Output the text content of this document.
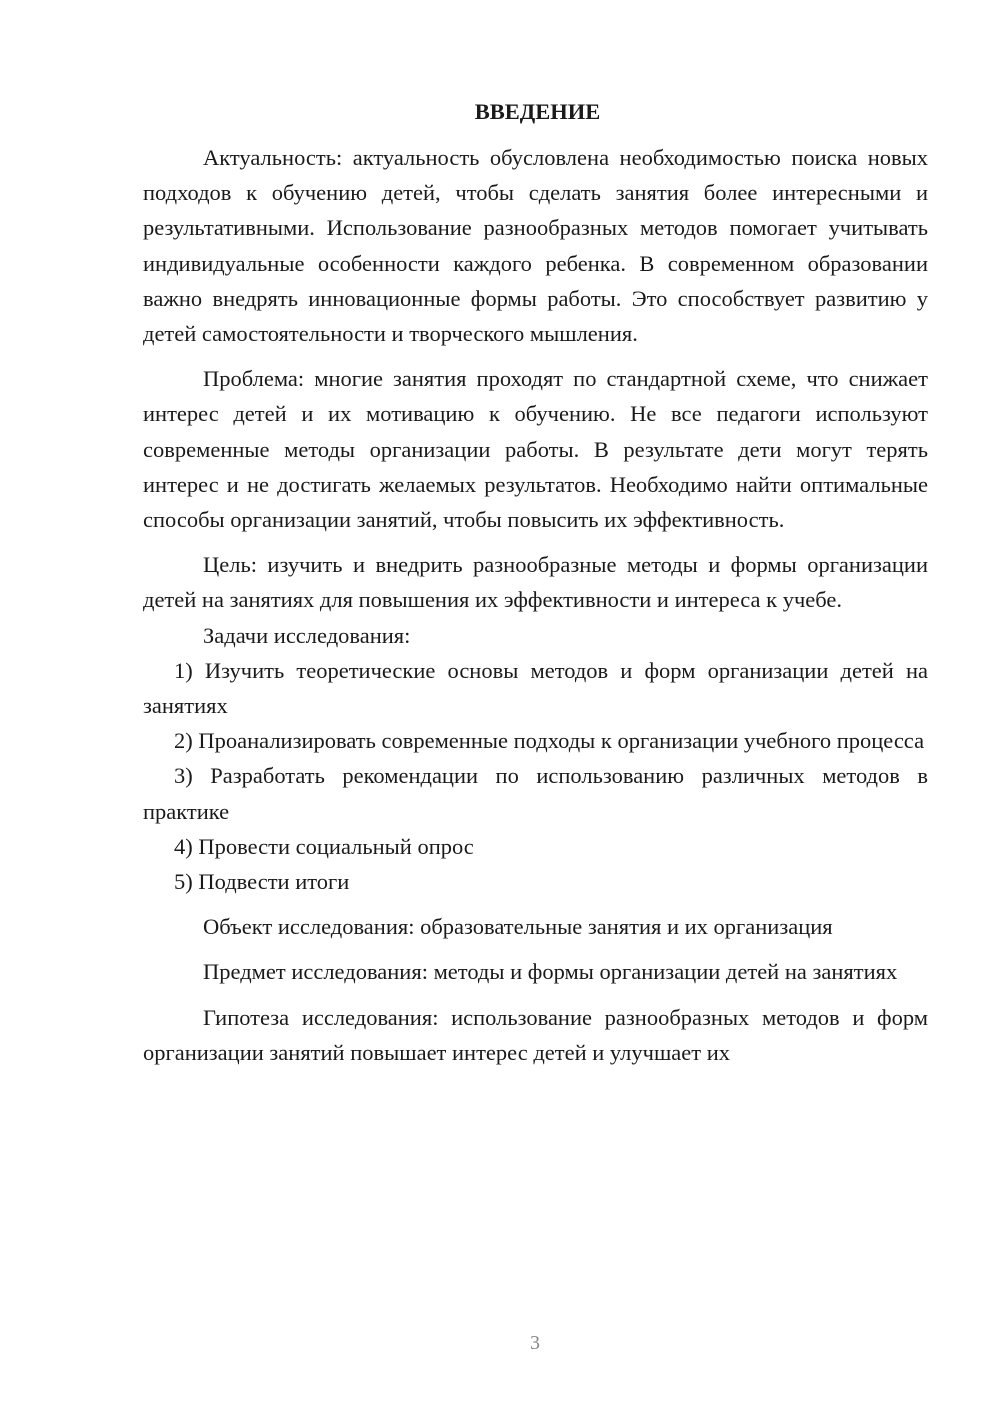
ВВЕДЕНИЕ

Актуальность: актуальность обусловлена необходимостью поиска новых подходов к обучению детей, чтобы сделать занятия более интересными и результативными. Использование разнообразных методов помогает учитывать индивидуальные особенности каждого ребенка. В современном образовании важно внедрять инновационные формы работы. Это способствует развитию у детей самостоятельности и творческого мышления.

Проблема: многие занятия проходят по стандартной схеме, что снижает интерес детей и их мотивацию к обучению. Не все педагоги используют современные методы организации работы. В результате дети могут терять интерес и не достигать желаемых результатов. Необходимо найти оптимальные способы организации занятий, чтобы повысить их эффективность.

Цель: изучить и внедрить разнообразные методы и формы организации детей на занятиях для повышения их эффективности и интереса к учебе.

Задачи исследования:

1) Изучить теоретические основы методов и форм организации детей на занятиях

2) Проанализировать современные подходы к организации учебного процесса

3) Разработать рекомендации по использованию различных методов в практике

4) Провести социальный опрос

5) Подвести итоги

Объект исследования: образовательные занятия и их организация

Предмет исследования: методы и формы организации детей на занятиях

Гипотеза исследования: использование разнообразных методов и форм организации занятий повышает интерес детей и улучшает их

3
